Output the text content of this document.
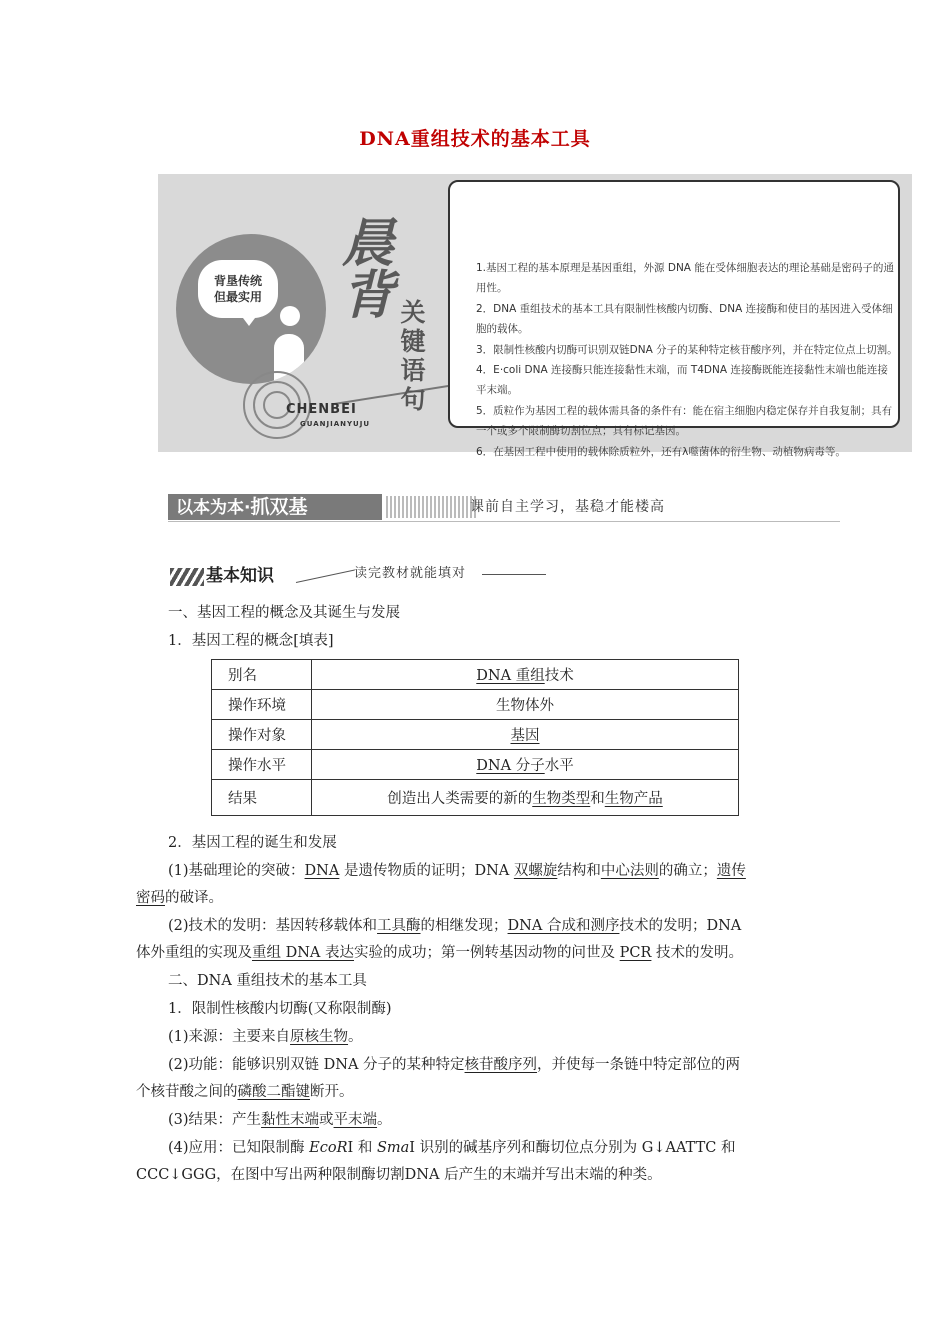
DNA重组技术的基本工具
背垦传统
但最实用
晨
背 关
键
语
句
CHENBEI
GUANJIANYUJU

1.基因工程的基本原理是基因重组，外源 DNA 能在受体细胞表达的理论基础是密码子的通用性。

2．DNA 重组技术的基本工具有限制性核酸内切酶、DNA 连接酶和使目的基因进入受体细胞的载体。

3．限制性核酸内切酶可识别双链DNA 分子的某种特定核苷酸序列，并在特定位点上切割。

4．E·coli DNA 连接酶只能连接黏性末端，而 T4DNA 连接酶既能连接黏性末端也能连接平末端。

5．质粒作为基因工程的载体需具备的条件有：能在宿主细胞内稳定保存并自我复制；具有一个或多个限制酶切割位点；具有标记基因。

6．在基因工程中使用的载体除质粒外，还有λ噬菌体的衍生物、动植物病毒等。

以本为本·抓双基	课前自主学习，基稳才能楼高
基本知识	读完教材就能填对
一、基因工程的概念及其诞生与发展
1．基因工程的概念[填表]
别名	DNA 重组技术
操作环境	生物体外
操作对象	基因
操作水平	DNA 分子水平
结果	创造出人类需要的新的生物类型和生物产品
2．基因工程的诞生和发展
(1)基础理论的突破：DNA 是遗传物质的证明；DNA 双螺旋结构和中心法则的确立；遗传
密码的破译。
(2)技术的发明：基因转移载体和工具酶的相继发现；DNA 合成和测序技术的发明；DNA
体外重组的实现及重组 DNA 表达实验的成功；第一例转基因动物的问世及 PCR 技术的发明。
二、DNA 重组技术的基本工具
1．限制性核酸内切酶(又称限制酶)
(1)来源：主要来自原核生物。
(2)功能：能够识别双链 DNA 分子的某种特定核苷酸序列，并使每一条链中特定部位的两
个核苷酸之间的磷酸二酯键断开。
(3)结果：产生黏性末端或平末端。
(4)应用：已知限制酶 EcoRⅠ 和 SmaⅠ 识别的碱基序列和酶切位点分别为 G↓AATTC 和
CCC↓GGG，在图中写出两种限制酶切割DNA 后产生的末端并写出末端的种类。
